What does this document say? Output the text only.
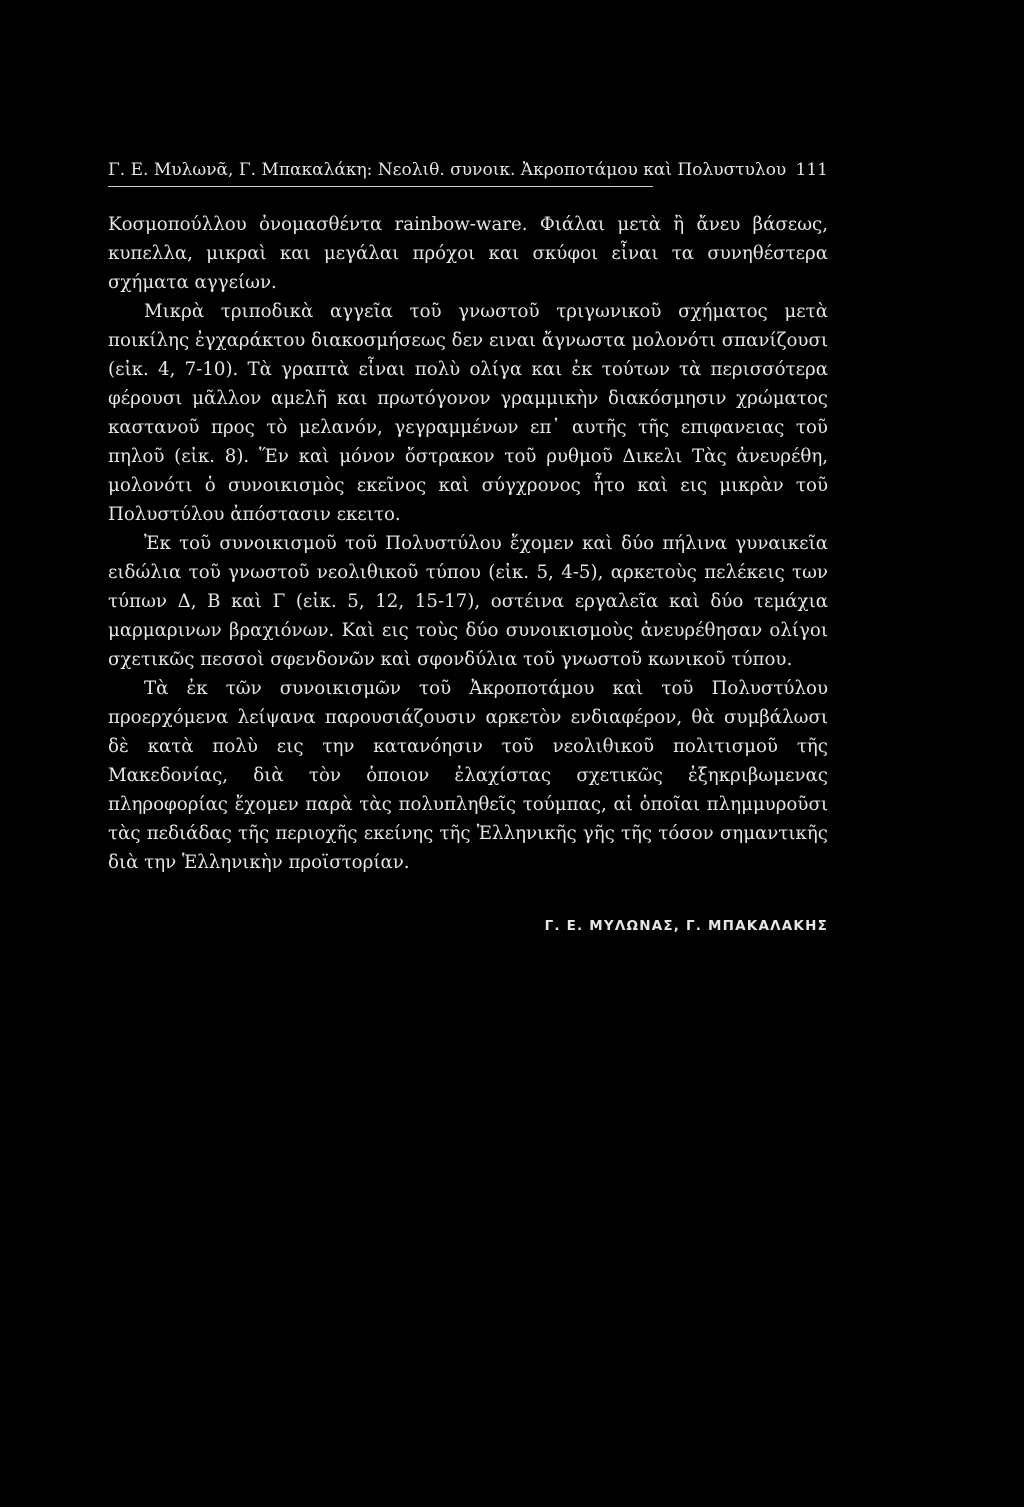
Γ. Ε. Μυλωνᾶ, Γ. Μπακαλάκη: Νεολιθ. συνοικ. Ἀκροποτάμου καὶ Πολυστυλου 111

Κοσμοπούλλου ὀνομασθέντα rainbow-ware. Φιάλαι μετὰ ἢ ἄνευ βάσεως, κυπελλα, μικραὶ και μεγάλαι πρόχοι και σκύφοι εἶναι τα συνηθέστερα σχήματα αγγείων.

Μικρὰ τριποδικὰ αγγεῖα τοῦ γνωστοῦ τριγωνικοῦ σχήματος μετὰ ποικίλης ἐγχαράκτου διακοσμήσεως δεν ειναι ἄγνωστα μολονότι σπανίζουσι (εἰκ. 4, 7-10). Τὰ γραπτὰ εἶναι πολὺ ολίγα και ἐκ τούτων τὰ περισσότερα φέρουσι μᾶλλον αμελῆ και πρωτόγονον γραμμικὴν διακόσμησιν χρώματος καστανοῦ προς τὸ μελανόν, γεγραμμένων επ᾽ αυτῆς τῆς επιφανειας τοῦ πηλοῦ (εἰκ. 8). Ἕν καὶ μόνον ὄστρακον τοῦ ρυθμοῦ Δικελι Τὰς ἀνευρέθη, μολονότι ὁ συνοικισμὸς εκεῖνος καὶ σύγχρονος ἦτο καὶ εις μικρὰν τοῦ Πολυστύλου ἀπόστασιν εκειτο.

Ἐκ τοῦ συνοικισμοῦ τοῦ Πολυστύλου ἔχομεν καὶ δύο πήλινα γυναικεῖα ειδώλια τοῦ γνωστοῦ νεολιθικοῦ τύπου (εἰκ. 5, 4-5), αρκετοὺς πελέκεις των τύπων Δ, Β καὶ Γ (εἰκ. 5, 12, 15-17), οστέινα εργαλεῖα καὶ δύο τεμάχια μαρμαρινων βραχιόνων. Καὶ εις τοὺς δύο συνοικισμοὺς ἀνευρέθησαν ολίγοι σχετικῶς πεσσοὶ σφενδονῶν καὶ σφονδύλια τοῦ γνωστοῦ κωνικοῦ τύπου.

Τὰ ἐκ τῶν συνοικισμῶν τοῦ Ἀκροποτάμου καὶ τοῦ Πολυστύλου προερχόμενα λείψανα παρουσιάζουσιν αρκετὸν ενδιαφέρον, θὰ συμβάλωσι δὲ κατὰ πολὺ εις την κατανόησιν τοῦ νεολιθικοῦ πολιτισμοῦ τῆς Μακεδονίας, διὰ τὸν ὁποιον ἐλαχίστας σχετικῶς ἐξηκριβωμενας πληροφορίας ἔχομεν παρὰ τὰς πολυπληθεῖς τούμπας, αἱ ὁποῖαι πλημμυροῦσι τὰς πεδιάδας τῆς περιοχῆς εκείνης τῆς Ἑλληνικῆς γῆς τῆς τόσον σημαντικῆς διὰ την Ἑλληνικὴν προϊστορίαν.

Γ. Ε. ΜΥΛΩΝΑΣ, Γ. ΜΠΑΚΑΛΑΚΗΣ
